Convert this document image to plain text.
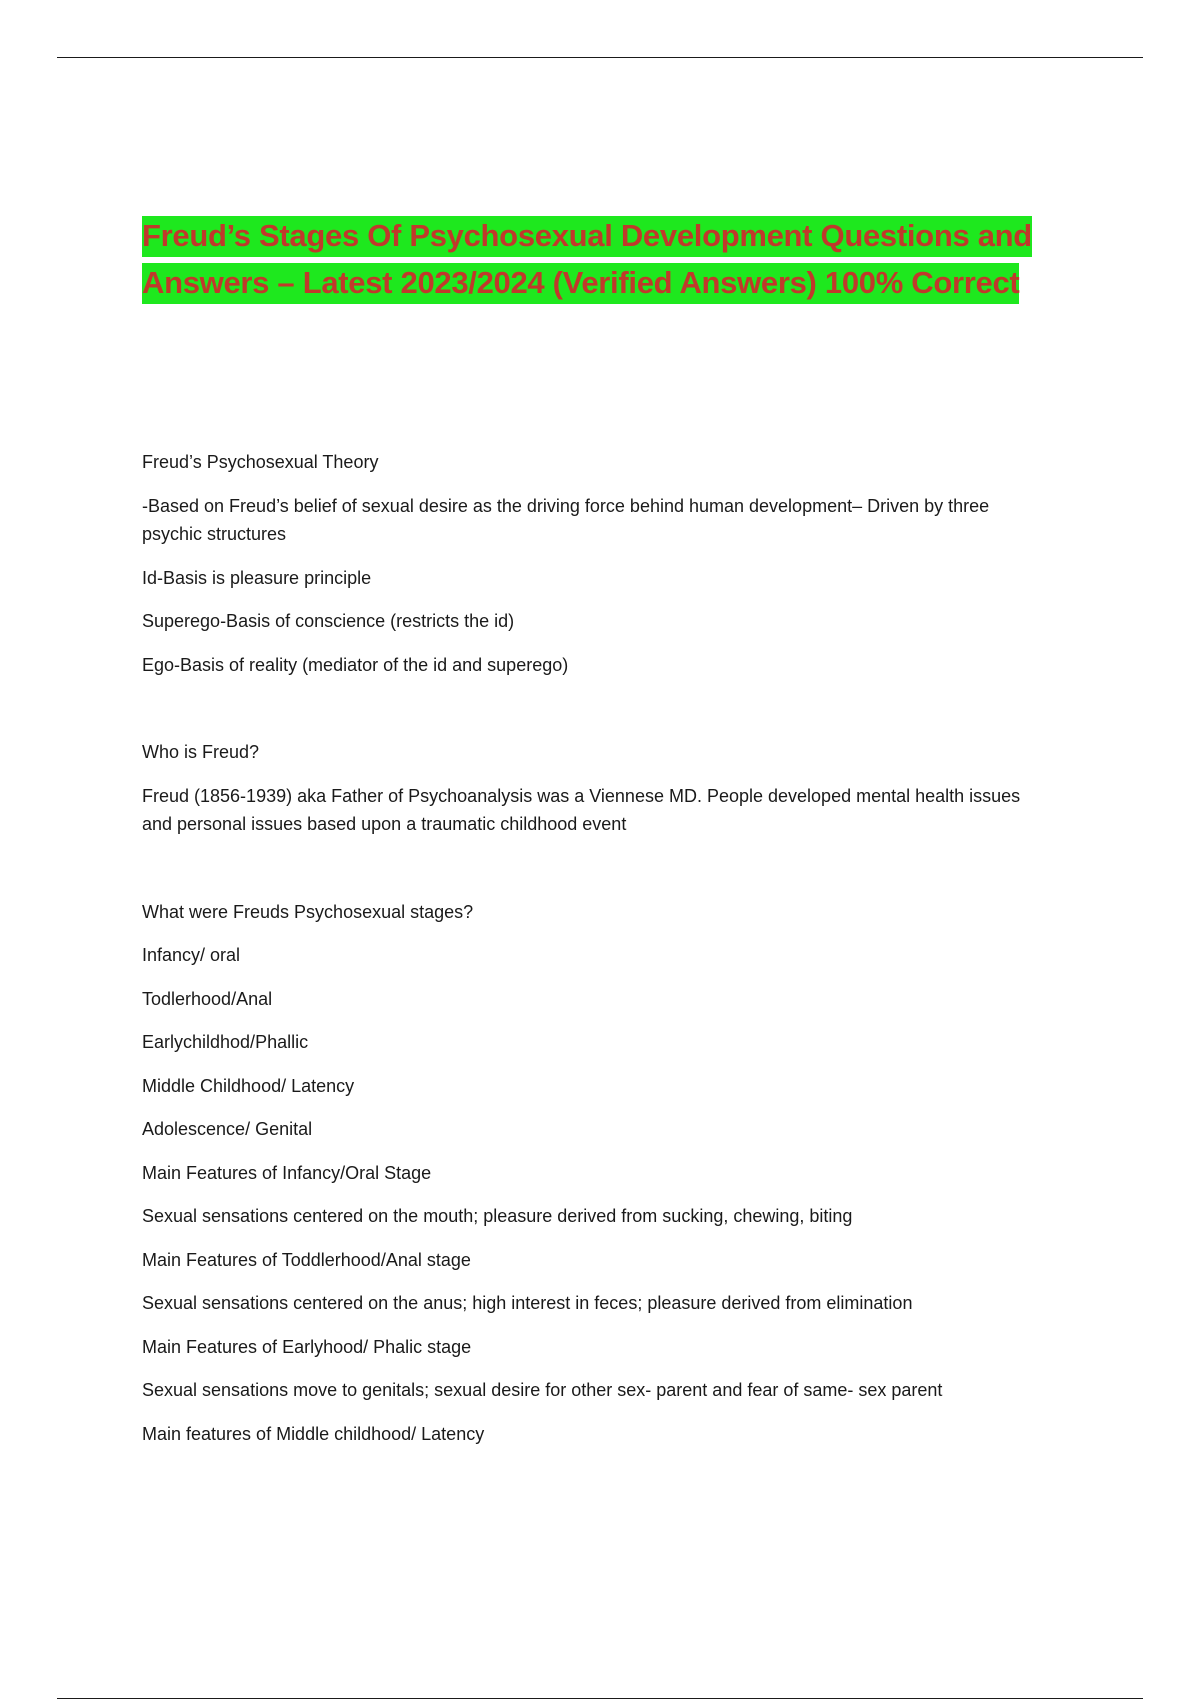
Freud’s Stages Of Psychosexual Development Questions and Answers – Latest 2023/2024 (Verified Answers) 100% Correct

Freud’s Psychosexual Theory

-Based on Freud’s belief of sexual desire as the driving force behind human development– Driven by three psychic structures

Id-Basis is pleasure principle

Superego-Basis of conscience (restricts the id)

Ego-Basis of reality (mediator of the id and superego)

Who is Freud?

Freud (1856-1939) aka Father of Psychoanalysis was a Viennese MD. People developed mental health issues and personal issues based upon a traumatic childhood event

What were Freuds Psychosexual stages?

Infancy/ oral

Todlerhood/Anal

Earlychildhod/Phallic

Middle Childhood/ Latency

Adolescence/ Genital

Main Features of Infancy/Oral Stage

Sexual sensations centered on the mouth; pleasure derived from sucking, chewing, biting

Main Features of Toddlerhood/Anal stage

Sexual sensations centered on the anus; high interest in feces; pleasure derived from elimination

Main Features of Earlyhood/ Phalic stage

Sexual sensations move to genitals; sexual desire for other sex- parent and fear of same- sex parent

Main features of Middle childhood/ Latency
